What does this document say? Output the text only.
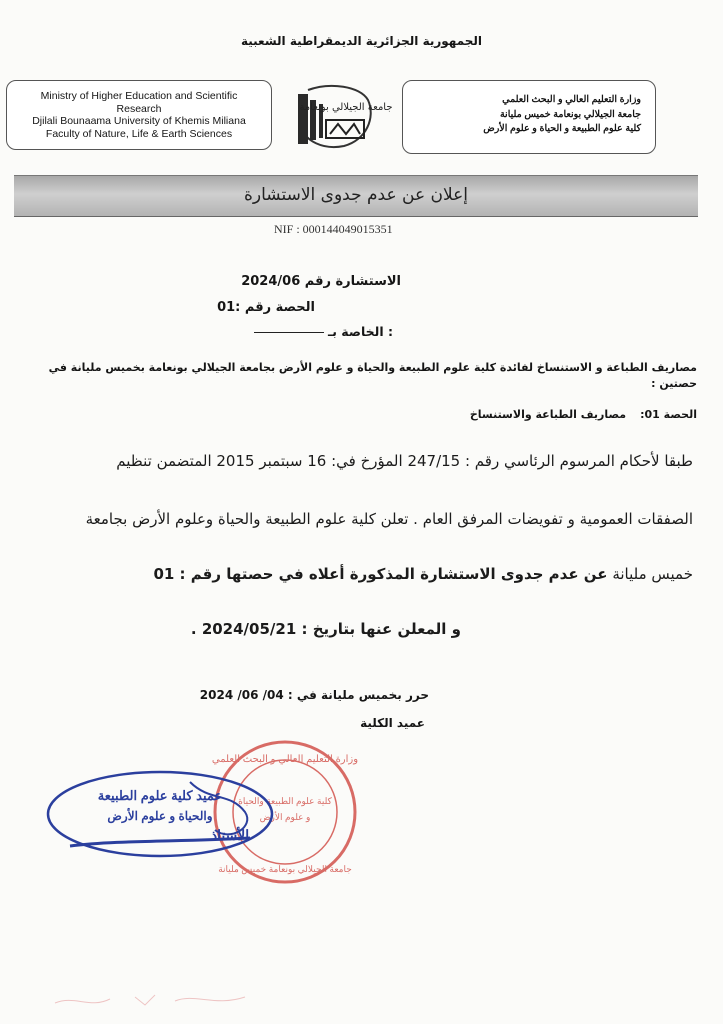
الجمهورية الجزائرية الديمقراطية الشعبية
Ministry of Higher Education and Scientific
Research
Djilali Bounaama University of Khemis Miliana
Faculty of Nature, Life & Earth Sciences
جامعة الجيلالي بونعامة
وزارة التعليم العالي و البحث العلمي
جامعة الجيلالي بونعامة خميس مليانة
كلية علوم الطبيعة و الحياة و علوم الأرض
إعلان عن عدم جدوى الاستشارة
NIF : 000144049015351
الاستشارة رقم 2024/06
الحصة رقم :01
: الخاصة بـ
مصاريف الطباعة و الاستنساخ لفائدة كلية علوم الطبيعة والحياة و علوم الأرض بجامعة الجيلالي بونعامة بخميس مليانة في حصتين :
الحصة 01:مصاريف الطباعة والاستنساخ
طبقا لأحكام المرسوم الرئاسي رقم : 247/15 المؤرخ في: 16 سبتمبر 2015 المتضمن تنظيم
الصفقات العمومية و تفويضات المرفق العام . تعلن كلية علوم الطبيعة والحياة وعلوم الأرض بجامعة
خميس مليانة عن عدم جدوى الاستشارة المذكورة أعلاه في حصتها رقم : 01
و المعلن عنها بتاريخ : 2024/05/21 .
حرر بخميس مليانة في : 04/ 06/ 2024
عميد الكلية
وزارة التعليم العالي و البحث العلمي
كلية علوم الطبيعة والحياة
و علوم الأرض
جامعة الجيلالي بونعامة خميس مليانة
عميد كلية علوم الطبيعة
والحياة و علوم الأرض
الأستاذ
